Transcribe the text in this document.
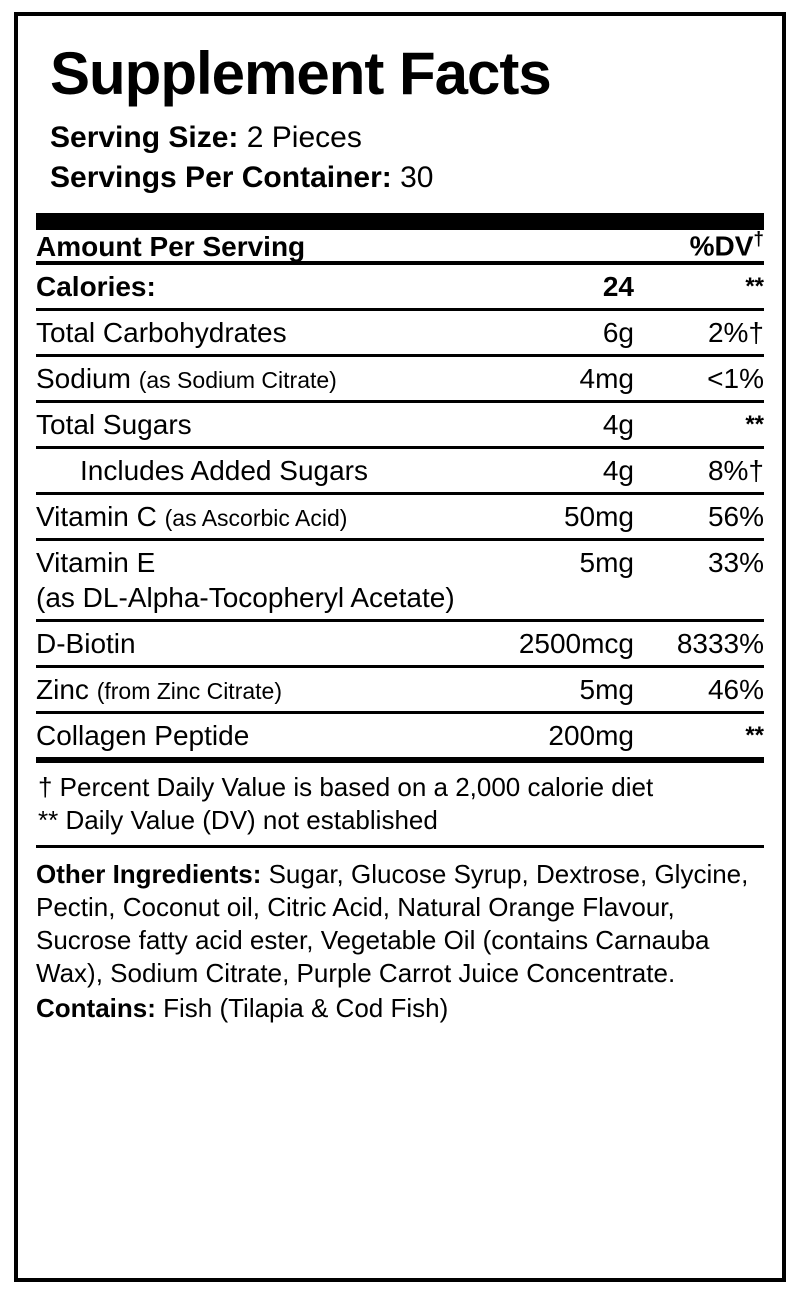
Supplement Facts
Serving Size: 2 Pieces
Servings Per Container: 30
Amount Per Serving		%DV†
Calories:	24	**
Total Carbohydrates	6g	2%†
Sodium (as Sodium Citrate)	4mg	<1%
Total Sugars	4g	**
Includes Added Sugars	4g	8%†
Vitamin C (as Ascorbic Acid)	50mg	56%
Vitamin E	5mg	33%
(as DL-Alpha-Tocopheryl Acetate)		
D-Biotin	2500mcg	8333%
Zinc (from Zinc Citrate)	5mg	46%
Collagen Peptide	200mg	**
† Percent Daily Value is based on a 2,000 calorie diet
** Daily Value (DV) not established
Other Ingredients: Sugar, Glucose Syrup, Dextrose, Glycine, Pectin, Coconut oil, Citric Acid, Natural Orange Flavour, Sucrose fatty acid ester, Vegetable Oil (contains Carnauba Wax), Sodium Citrate, Purple Carrot Juice Concentrate.
Contains: Fish (Tilapia & Cod Fish)
